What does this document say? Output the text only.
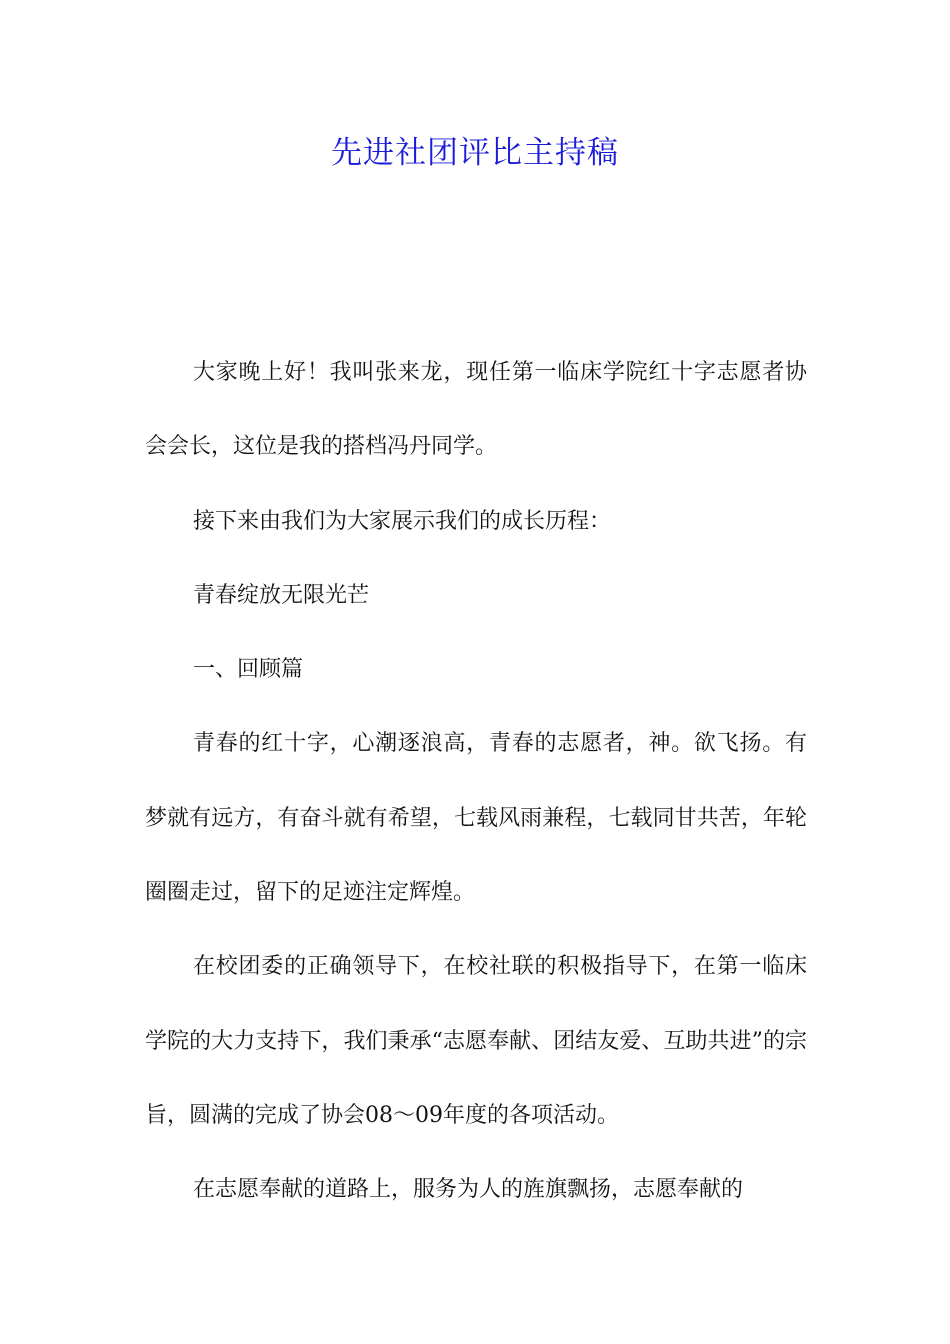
先进社团评比主持稿

大家晚上好！我叫张来龙，现任第一临床学院红十字志愿者协会会长，这位是我的搭档冯丹同学。

接下来由我们为大家展示我们的成长历程：

青春绽放无限光芒

一、回顾篇

青春的红十字，心潮逐浪高，青春的志愿者，神。欲飞扬。有梦就有远方，有奋斗就有希望，七载风雨兼程，七载同甘共苦，年轮圈圈走过，留下的足迹注定辉煌。

在校团委的正确领导下，在校社联的积极指导下，在第一临床学院的大力支持下，我们秉承“志愿奉献、团结友爱、互助共进”的宗旨，圆满的完成了协会08～09年度的各项活动。

在志愿奉献的道路上，服务为人的旌旗飘扬，志愿奉献的
